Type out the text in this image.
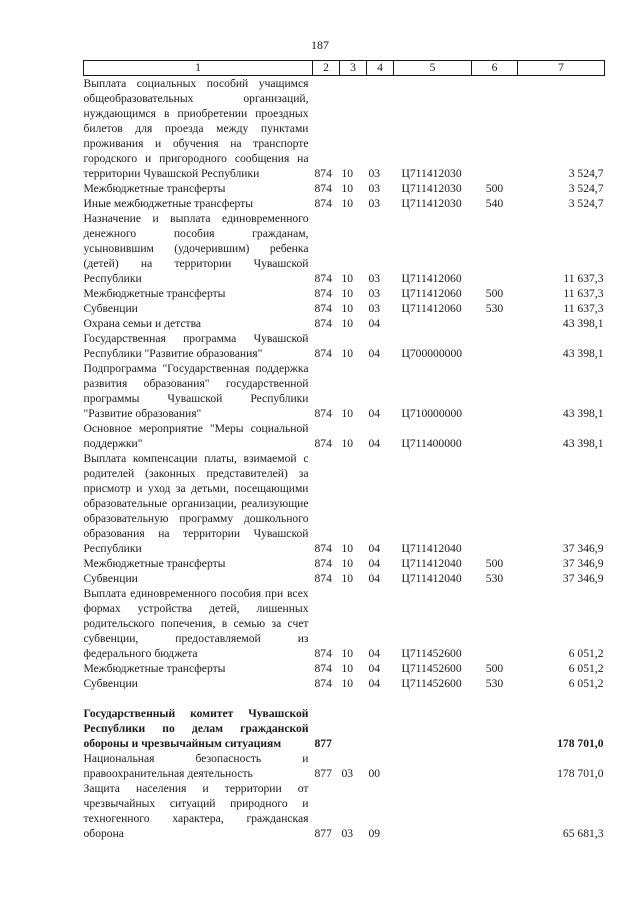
187
1	2	3	4	5	6	7
Выплата социальных пособий учащимся общеобразовательных организаций, нуждающимся в приобретении проездных билетов для проезда между пунктами проживания и обучения на транспорте городского и пригородного сообщения на территории Чувашской Республики	874	10	03	Ц711412030		3 524,7
Межбюджетные трансферты	874	10	03	Ц711412030	500	3 524,7
Иные межбюджетные трансферты	874	10	03	Ц711412030	540	3 524,7
Назначение и выплата единовременного денежного пособия гражданам, усыновившим (удочерившим) ребенка (детей) на территории Чувашской Республики	874	10	03	Ц711412060		11 637,3
Межбюджетные трансферты	874	10	03	Ц711412060	500	11 637,3
Субвенции	874	10	03	Ц711412060	530	11 637,3
Охрана семьи и детства	874	10	04			43 398,1
Государственная программа Чувашской Республики "Развитие образования"	874	10	04	Ц700000000		43 398,1
Подпрограмма "Государственная поддержка развития образования" государственной программы Чувашской Республики "Развитие образования"	874	10	04	Ц710000000		43 398,1
Основное мероприятие "Меры социальной поддержки"	874	10	04	Ц711400000		43 398,1
Выплата компенсации платы, взимаемой с родителей (законных представителей) за присмотр и уход за детьми, посещающими образовательные организации, реализующие образовательную программу дошкольного образования на территории Чувашской Республики	874	10	04	Ц711412040		37 346,9
Межбюджетные трансферты	874	10	04	Ц711412040	500	37 346,9
Субвенции	874	10	04	Ц711412040	530	37 346,9
Выплата единовременного пособия при всех формах устройства детей, лишенных родительского попечения, в семью за счет субвенции, предоставляемой из федерального бюджета	874	10	04	Ц711452600		6 051,2
Межбюджетные трансферты	874	10	04	Ц711452600	500	6 051,2
Субвенции	874	10	04	Ц711452600	530	6 051,2

Государственный комитет Чувашской Республики по делам гражданской обороны и чрезвычайным ситуациям	877					178 701,0
Национальная безопасность и правоохранительная деятельность	877	03	00			178 701,0
Защита населения и территории от чрезвычайных ситуаций природного и техногенного характера, гражданская оборона	877	03	09			65 681,3
